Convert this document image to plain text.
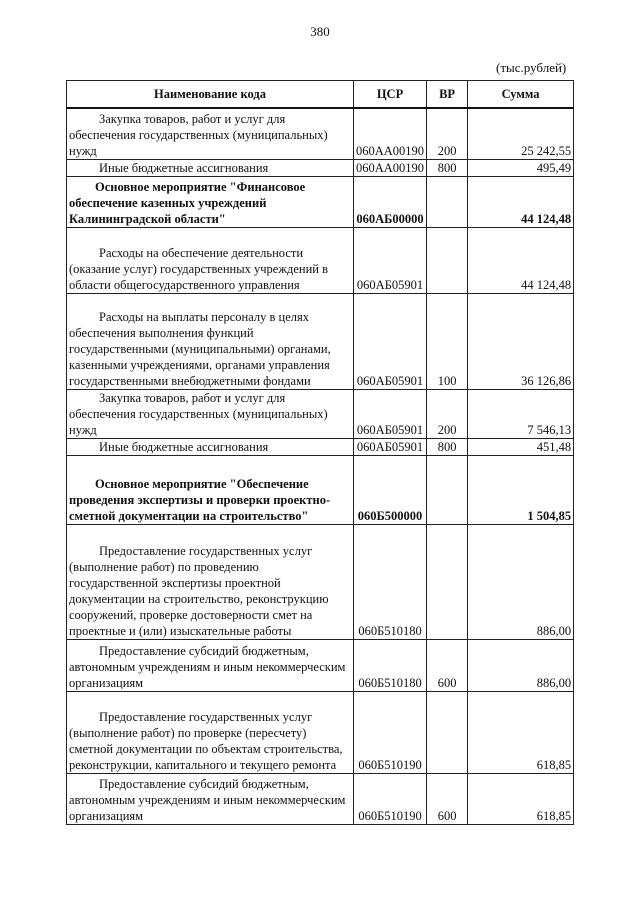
380
(тыс.рублей)
Наименование кода	ЦСР	ВР	Сумма
Закупка товаров, работ и услуг для обеспечения государственных (муниципальных) нужд	060АА00190	200	25 242,55
Иные бюджетные ассигнования	060АА00190	800	495,49
Основное мероприятие "Финансовое обеспечение казенных учреждений Калининградской области"	060АБ00000		44 124,48
Расходы на обеспечение деятельности (оказание услуг) государственных учреждений в области общегосударственного управления	060АБ05901		44 124,48
Расходы на выплаты персоналу в целях обеспечения выполнения функций государственными (муниципальными) органами, казенными учреждениями, органами управления государственными внебюджетными фондами	060АБ05901	100	36 126,86
Закупка товаров, работ и услуг для обеспечения государственных (муниципальных) нужд	060АБ05901	200	7 546,13
Иные бюджетные ассигнования	060АБ05901	800	451,48
Основное мероприятие "Обеспечение проведения экспертизы и проверки проектно-сметной документации на строительство"	060Б500000		1 504,85
Предоставление государственных услуг (выполнение работ) по проведению государственной экспертизы проектной документации на строительство, реконструкцию сооружений, проверке достоверности смет на проектные и (или) изыскательные работы	060Б510180		886,00
Предоставление субсидий бюджетным, автономным учреждениям и иным некоммерческим организациям	060Б510180	600	886,00
Предоставление государственных услуг (выполнение работ) по проверке (пересчету) сметной документации по объектам строительства, реконструкции, капитального и текущего ремонта	060Б510190		618,85
Предоставление субсидий бюджетным, автономным учреждениям и иным некоммерческим организациям	060Б510190	600	618,85
